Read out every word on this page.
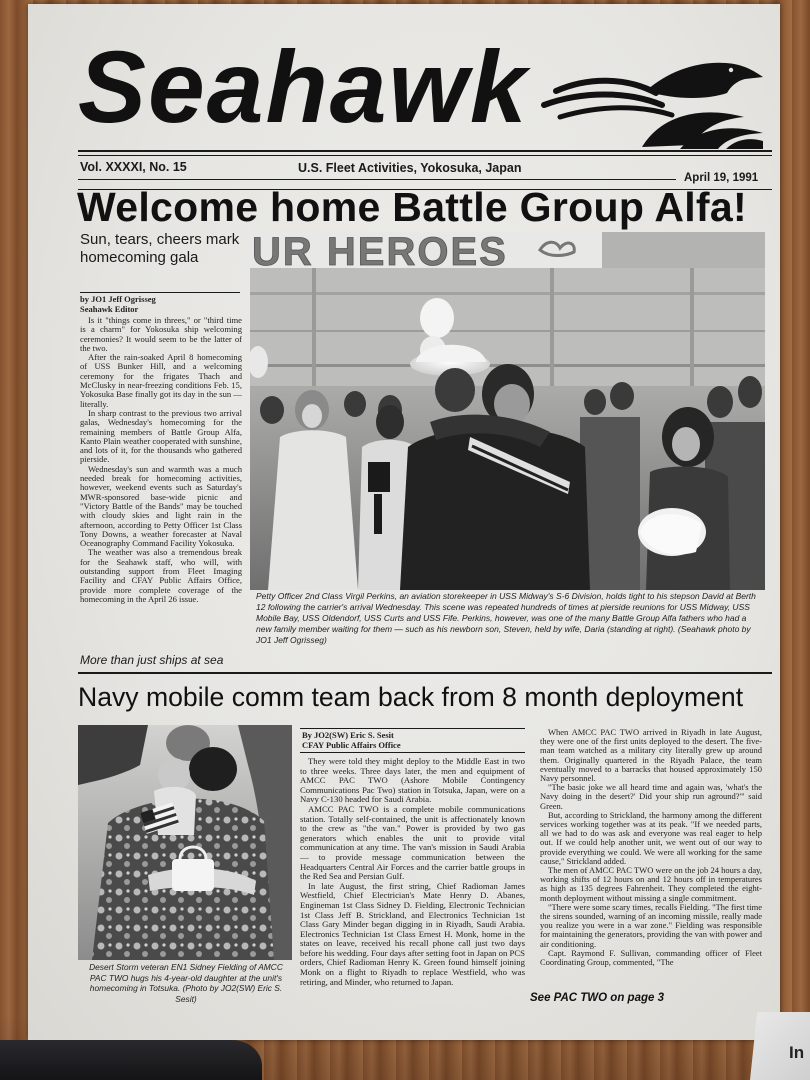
Seahawk
Vol. XXXXI, No. 15	U.S. Fleet Activities, Yokosuka, Japan
April 19, 1991
Welcome home Battle Group Alfa!
Sun, tears, cheers mark
homecoming gala
by JO1 Jeff Ogrisseg
Seahawk Editor

Is it "things come in threes," or "third time is a charm" for Yokosuka ship welcoming ceremonies? It would seem to be the latter of the two.

After the rain-soaked April 8 homecoming of USS Bunker Hill, and a welcoming ceremony for the frigates Thach and McClusky in near-freezing conditions Feb. 15, Yokosuka Base finally got its day in the sun — literally.

In sharp contrast to the previous two arrival galas, Wednesday's homecoming for the remaining members of Battle Group Alfa, Kanto Plain weather cooperated with sunshine, and lots of it, for the thousands who gathered pierside.

Wednesday's sun and warmth was a much needed break for homecoming activities, however, weekend events such as Saturday's MWR-sponsored base-wide picnic and "Victory Battle of the Bands" may be touched with cloudy skies and light rain in the afternoon, according to Petty Officer 1st Class Tony Downs, a weather forecaster at Naval Oceanography Command Facility Yokosuka.

The weather was also a tremendous break for the Seahawk staff, who will, with outstanding support from Fleet Imaging Facility and CFAY Public Affairs Office, provide more complete coverage of the homecoming in the April 26 issue.

UR HEROES
Petty Officer 2nd Class Virgil Perkins, an aviation storekeeper in USS Midway's S-6 Division, holds tight to his stepson David at Berth 12 following the carrier's arrival Wednesday. This scene was repeated hundreds of times at pierside reunions for USS Midway, USS Mobile Bay, USS Oldendorf, USS Curts and USS Fife. Perkins, however, was one of the many Battle Group Alfa fathers who had a new family member waiting for them — such as his newborn son, Steven, held by wife, Daria (standing at right). (Seahawk photo by JO1 Jeff Ogrisseg)
More than just ships at sea
Navy mobile comm team back from 8 month deployment
Desert Storm veteran EN1 Sidney Fielding of AMCC PAC TWO hugs his 4-year-old daughter at the unit's homecoming in Totsuka. (Photo by JO2(SW) Eric S. Sesit)
By JO2(SW) Eric S. Sesit
CFAY Public Affairs Office

They were told they might deploy to the Middle East in two to three weeks. Three days later, the men and equipment of AMCC PAC TWO (Ashore Mobile Contingency Communications Pac Two) station in Totsuka, Japan, were on a Navy C-130 headed for Saudi Arabia.

AMCC PAC TWO is a complete mobile communications station. Totally self-contained, the unit is affectionately known to the crew as "the van." Power is provided by two gas generators which enables the unit to provide vital communication at any time. The van's mission in Saudi Arabia — to provide message communication between the Headquarters Central Air Forces and the carrier battle groups in the Red Sea and Persian Gulf.

In late August, the first string, Chief Radioman James Westfield, Chief Electrician's Mate Henry D. Abanes, Engineman 1st Class Sidney D. Fielding, Electronic Technician 1st Class Jeff B. Strickland, and Electronics Technician 1st Class Gary Minder began digging in in Riyadh, Saudi Arabia. Electronics Technician 1st Class Ernest H. Monk, home in the states on leave, received his recall phone call just two days before his wedding. Four days after setting foot in Japan on PCS orders, Chief Radioman Henry K. Green found himself joining Monk on a flight to Riyadh to replace Westfield, who was retiring, and Minder, who returned to Japan.

When AMCC PAC TWO arrived in Riyadh in late August, they were one of the first units deployed to the desert. The five-man team watched as a military city literally grew up around them. Originally quartered in the Riyadh Palace, the team eventually moved to a barracks that housed approximately 150 Navy personnel.

"The basic joke we all heard time and again was, 'what's the Navy doing in the desert?' Did your ship run aground?'" said Green.

But, according to Strickland, the harmony among the different services working together was at its peak. "If we needed parts, all we had to do was ask and everyone was real eager to help out. If we could help another unit, we went out of our way to provide everything we could. We were all working for the same cause," Strickland added.

The men of AMCC PAC TWO were on the job 24 hours a day, working shifts of 12 hours on and 12 hours off in temperatures as high as 135 degrees Fahrenheit. They completed the eight-month deployment without missing a single commitment.

"There were some scary times, recalls Fielding. "The first time the sirens sounded, warning of an incoming missile, really made you realize you were in a war zone." Fielding was responsible for maintaining the generators, providing the van with power and air conditioning.

Capt. Raymond F. Sullivan, commanding officer of Fleet Coordinating Group, commented, "The

See PAC TWO on page 3
In
